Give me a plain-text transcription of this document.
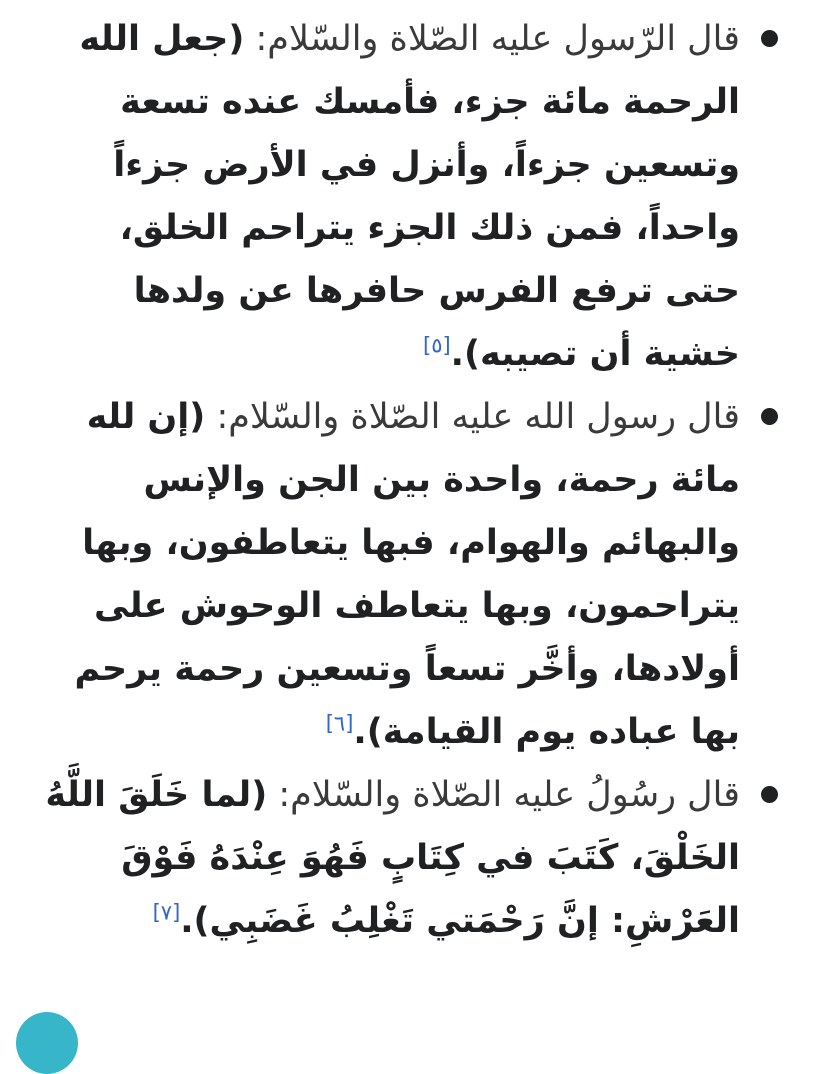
قال الرّسول عليه الصّلاة والسّلام: (جعل الله الرحمة مائة جزء، فأمسك عنده تسعة وتسعين جزءاً، وأنزل في الأرض جزءاً واحداً، فمن ذلك الجزء يتراحم الخلق، حتى ترفع الفرس حافرها عن ولدها خشية أن تصيبه).[٥]
قال رسول الله عليه الصّلاة والسّلام: (إن لله مائة رحمة، واحدة بين الجن والإنس والبهائم والهوام، فبها يتعاطفون، وبها يتراحمون، وبها يتعاطف الوحوش على أولادها، وأخَّر تسعاً وتسعين رحمة يرحم بها عباده يوم القيامة).[٦]
قال رسُولُ عليه الصّلاة والسّلام: (لما خَلَقَ اللَّهُ الخَلْقَ، كَتَبَ في كِتَابٍ فَهُوَ عِنْدَهُ فَوْقَ العَرْشِ: إنَّ رَحْمَتي تَغْلِبُ غَضَبِي).[٧]
